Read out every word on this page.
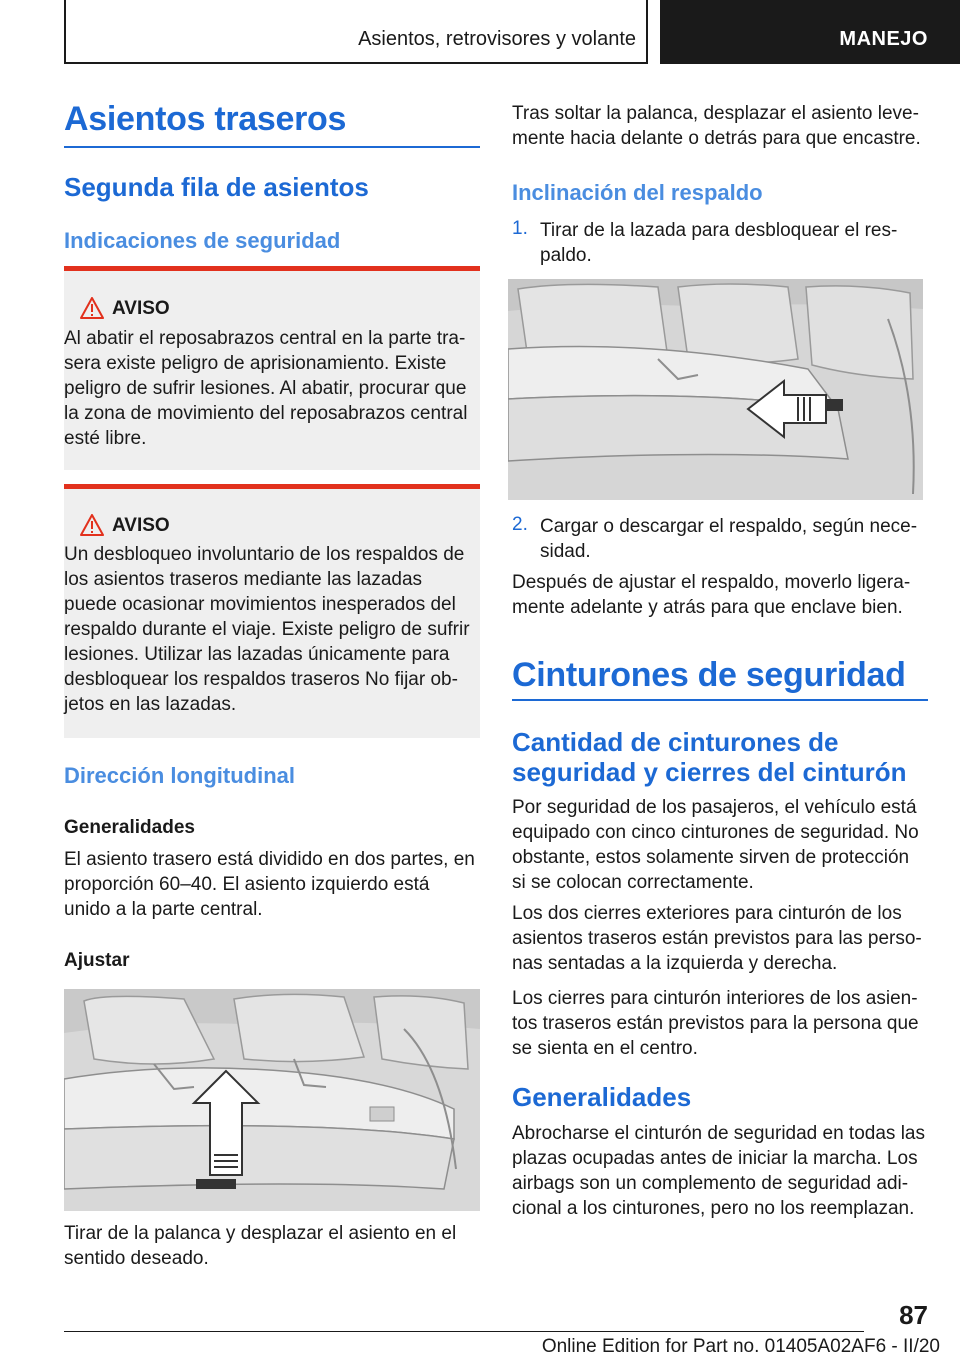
Asientos, retrovisores y volante	MANEJO
Asientos traseros
Segunda fila de asientos
Indicaciones de seguridad
AVISO

Al abatir el reposabrazos central en la parte tra-
sera existe peligro de aprisionamiento. Existe
peligro de sufrir lesiones. Al abatir, procurar que
la zona de movimiento del reposabrazos central
esté libre.

AVISO

Un desbloqueo involuntario de los respaldos de
los asientos traseros mediante las lazadas
puede ocasionar movimientos inesperados del
respaldo durante el viaje. Existe peligro de sufrir
lesiones. Utilizar las lazadas únicamente para
desbloquear los respaldos traseros No fijar ob-
jetos en las lazadas.

Dirección longitudinal
Generalidades

El asiento trasero está dividido en dos partes, en
proporción 60–40. El asiento izquierdo está
unido a la parte central.

Ajustar

Tirar de la palanca y desplazar el asiento en el
sentido deseado.

Tras soltar la palanca, desplazar el asiento leve-
mente hacia delante o detrás para que encastre.

Inclinación del respaldo
1. Tirar de la lazada para desbloquear el res-
paldo.

2. Cargar o descargar el respaldo, según nece-
sidad.

Después de ajustar el respaldo, moverlo ligera-
mente adelante y atrás para que enclave bien.

Cinturones de seguridad
Cantidad de cinturones de
seguridad y cierres del cinturón

Por seguridad de los pasajeros, el vehículo está
equipado con cinco cinturones de seguridad. No
obstante, estos solamente sirven de protección
si se colocan correctamente.

Los dos cierres exteriores para cinturón de los
asientos traseros están previstos para las perso-
nas sentadas a la izquierda y derecha.

Los cierres para cinturón interiores de los asien-
tos traseros están previstos para la persona que
se sienta en el centro.

Generalidades

Abrocharse el cinturón de seguridad en todas las
plazas ocupadas antes de iniciar la marcha. Los
airbags son un complemento de seguridad adi-
cional a los cinturones, pero no los reemplazan.

87
Online Edition for Part no. 01405A02AF6 - II/20
